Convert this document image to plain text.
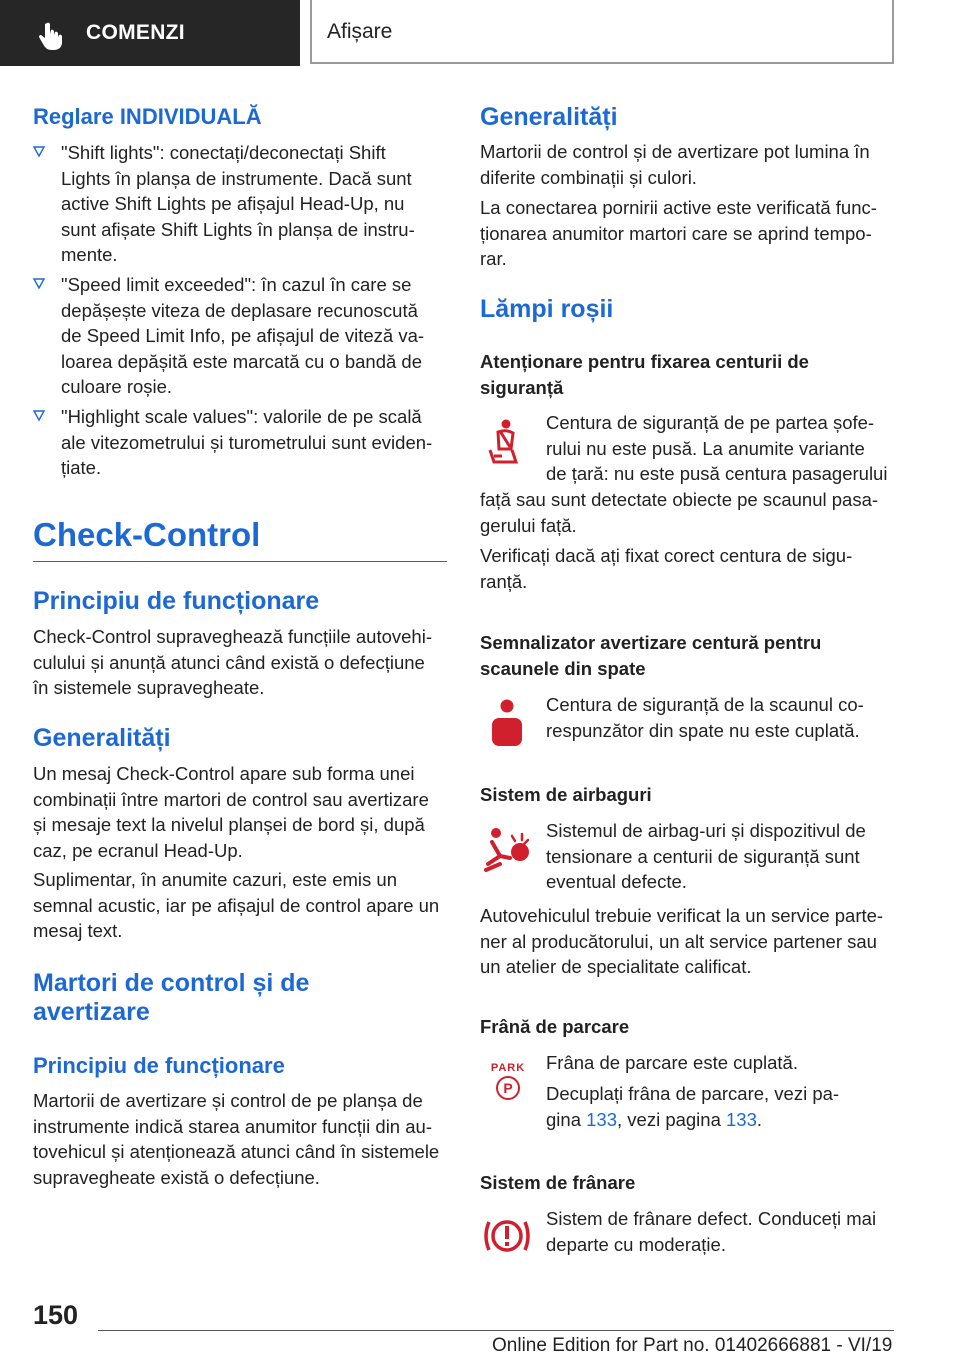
COMENZI	Afișare
Reglare INDIVIDUALĂ
"Shift lights": conectați/deconectați Shift
Lights în planșa de instrumente. Dacă sunt
active Shift Lights pe afișajul Head-Up, nu
sunt afișate Shift Lights în planșa de instru-
mente.
"Speed limit exceeded": în cazul în care se
depășește viteza de deplasare recunoscută
de Speed Limit Info, pe afișajul de viteză va-
loarea depășită este marcată cu o bandă de
culoare roșie.
"Highlight scale values": valorile de pe scală
ale vitezometrului și turometrului sunt eviden-
țiate.
Check-Control
Principiu de funcționare
Check-Control supraveghează funcțiile autovehi-
culului și anunță atunci când există o defecțiune
în sistemele supravegheate.
Generalități
Un mesaj Check-Control apare sub forma unei
combinații între martori de control sau avertizare
și mesaje text la nivelul planșei de bord și, după
caz, pe ecranul Head-Up.
Suplimentar, în anumite cazuri, este emis un
semnal acustic, iar pe afișajul de control apare un
mesaj text.
Martori de control și de
avertizare
Principiu de funcționare
Martorii de avertizare și control de pe planșa de
instrumente indică starea anumitor funcții din au-
tovehicul și atenționează atunci când în sistemele
supravegheate există o defecțiune.
Generalități
Martorii de control și de avertizare pot lumina în
diferite combinații și culori.
La conectarea pornirii active este verificată func-
ționarea anumitor martori care se aprind tempo-
rar.
Lămpi roșii
Atenționare pentru fixarea centurii de
siguranță
Centura de siguranță de pe partea șofe-
rului nu este pusă. La anumite variante
de țară: nu este pusă centura pasagerului
față sau sunt detectate obiecte pe scaunul pasa-
gerului față.
Verificați dacă ați fixat corect centura de sigu-
ranță.
Semnalizator avertizare centură pentru
scaunele din spate
Centura de siguranță de la scaunul co-
respunzător din spate nu este cuplată.
Sistem de airbaguri
Sistemul de airbag-uri și dispozitivul de
tensionare a centurii de siguranță sunt
eventual defecte.
Autovehiculul trebuie verificat la un service parte-
ner al producătorului, un alt service partener sau
un atelier de specialitate calificat.
Frână de parcare
PARK
P
Frâna de parcare este cuplată.
Decuplați frâna de parcare, vezi pa-
gina 133, vezi pagina 133.
Sistem de frânare
Sistem de frânare defect. Conduceți mai
departe cu moderație.
150
Online Edition for Part no. 01402666881 - VI/19
